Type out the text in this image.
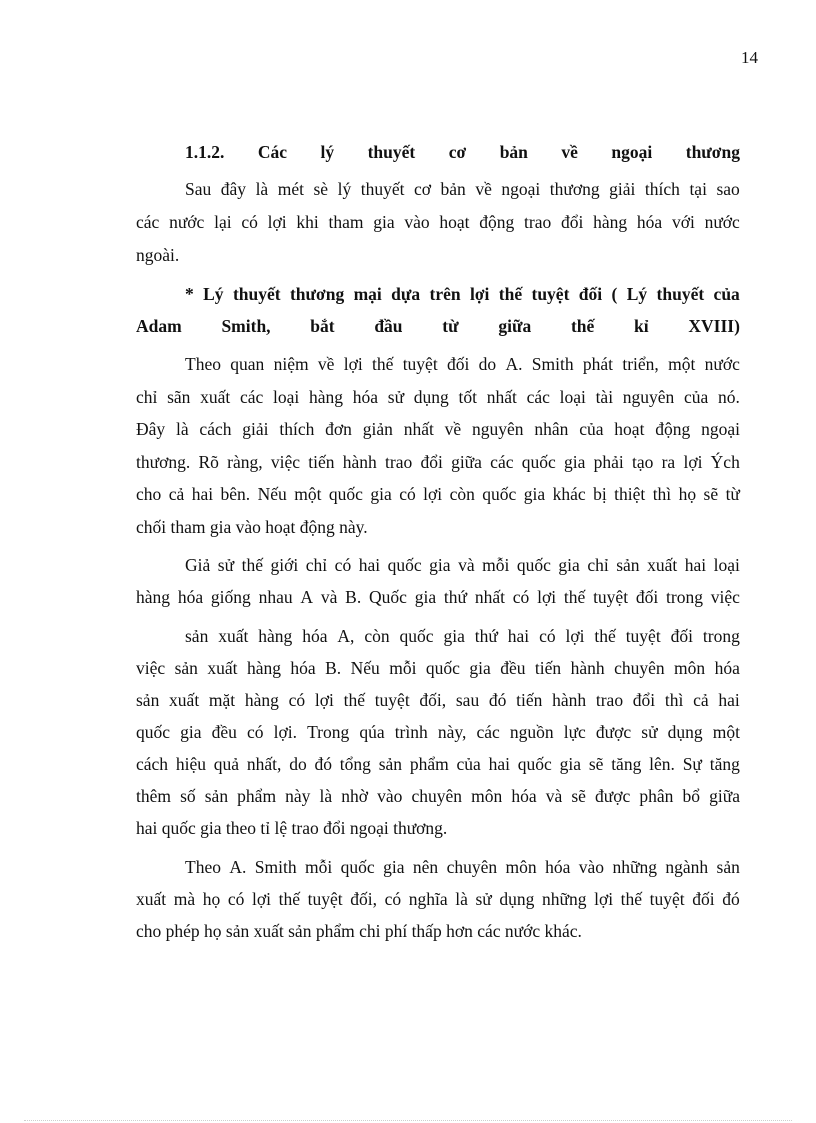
14
1.1.2. Các lý thuyết cơ bản về ngoại thương
Sau đây là mét sè lý thuyết cơ bản về ngoại thương giải thích tại sao
các nước lại có lợi khi tham gia vào hoạt động trao đổi hàng hóa với nước
ngoài.
* Lý thuyết thương mại dựa trên lợi thế tuyệt đối ( Lý thuyết của
Adam Smith, bắt đầu từ giữa thế kỉ XVIII)
Theo quan niệm về lợi thế tuyệt đối do A. Smith phát triển, một nước
chỉ sãn xuất các loại hàng hóa sử dụng tốt nhất các loại tài nguyên của nó.
Đây là cách giải thích đơn giản nhất về nguyên nhân của hoạt động ngoại
thương. Rõ ràng, việc tiến hành trao đổi giữa các quốc gia phải tạo ra lợi Ých
cho cả hai bên. Nếu một quốc gia có lợi còn quốc gia khác bị thiệt thì họ sẽ từ
chối tham gia vào hoạt động này.
Giả sử thế giới chỉ có hai quốc gia và mỗi quốc gia chỉ sản xuất hai loại
hàng hóa giống nhau A và B. Quốc gia thứ nhất có lợi thế tuyệt đối trong việc
sản xuất hàng hóa A, còn quốc gia thứ hai có lợi thế tuyệt đối trong
việc sản xuất hàng hóa B. Nếu mỗi quốc gia đều tiến hành chuyên môn hóa
sản xuất mặt hàng có lợi thế tuyệt đối, sau đó tiến hành trao đổi thì cả hai
quốc gia đều có lợi. Trong qúa trình này, các nguồn lực được sử dụng một
cách hiệu quả nhất, do đó tổng sản phẩm của hai quốc gia sẽ tăng lên. Sự tăng
thêm số sản phẩm này là nhờ vào chuyên môn hóa và sẽ được phân bổ giữa
hai quốc gia theo tỉ lệ trao đổi ngoại thương.
Theo A. Smith mỗi quốc gia nên chuyên môn hóa vào những ngành sản
xuất mà họ có lợi thế tuyệt đối, có nghĩa là sử dụng những lợi thế tuyệt đối đó
cho phép họ sản xuất sản phẩm chi phí thấp hơn các nước khác.
